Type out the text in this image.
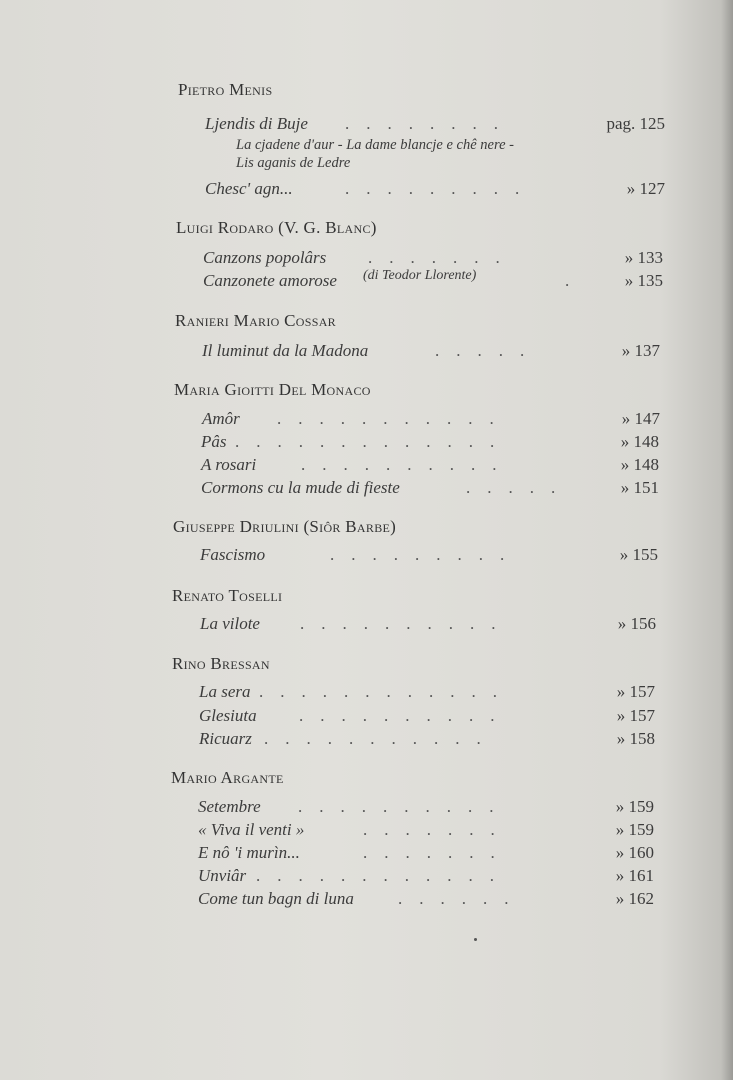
Pietro Menis
Ljendis di Buje . . . . . . . .	pag. 125
La cjadene d'aur - La dame blancje e chê nere -
Lis aganis de Ledre
Chesc' agn...	. . . . . . . . .	» 127
Luigi Rodaro (V. G. Blanc)
Canzons popolârs . . . . . . .	» 133
Canzonete amorose (di Teodor Llorente)	.	» 135
Ranieri Mario Cossar
Il luminut da la Madona	. . . . .	» 137
Maria Gioitti Del Monaco
Amôr . . . . . . . . . . .	» 147
Pâs . . . . . . . . . . . . .	» 148
A rosari	. . . . . . . . . .	» 148
Cormons cu la mude di fieste	. . . . .	» 151
Giuseppe Driulini (Siôr Barbe)
Fascismo	. . . . . . . . .	» 155
Renato Toselli
La vilote . . . . . . . . . .	» 156
Rino Bressan
La sera . . . . . . . . . . . .	» 157
Glesiuta . . . . . . . . . .	» 157
Ricuarz . . . . . . . . . . .	» 158
Mario Argante
Setembre . . . . . . . . . .	» 159
« Viva il venti »	. . . . . . .	» 159
E nô 'i murìn...	. . . . . . .	» 160
Unviâr . . . . . . . . . . . .	» 161
Come tun bagn di luna	. . . . . .	» 162
